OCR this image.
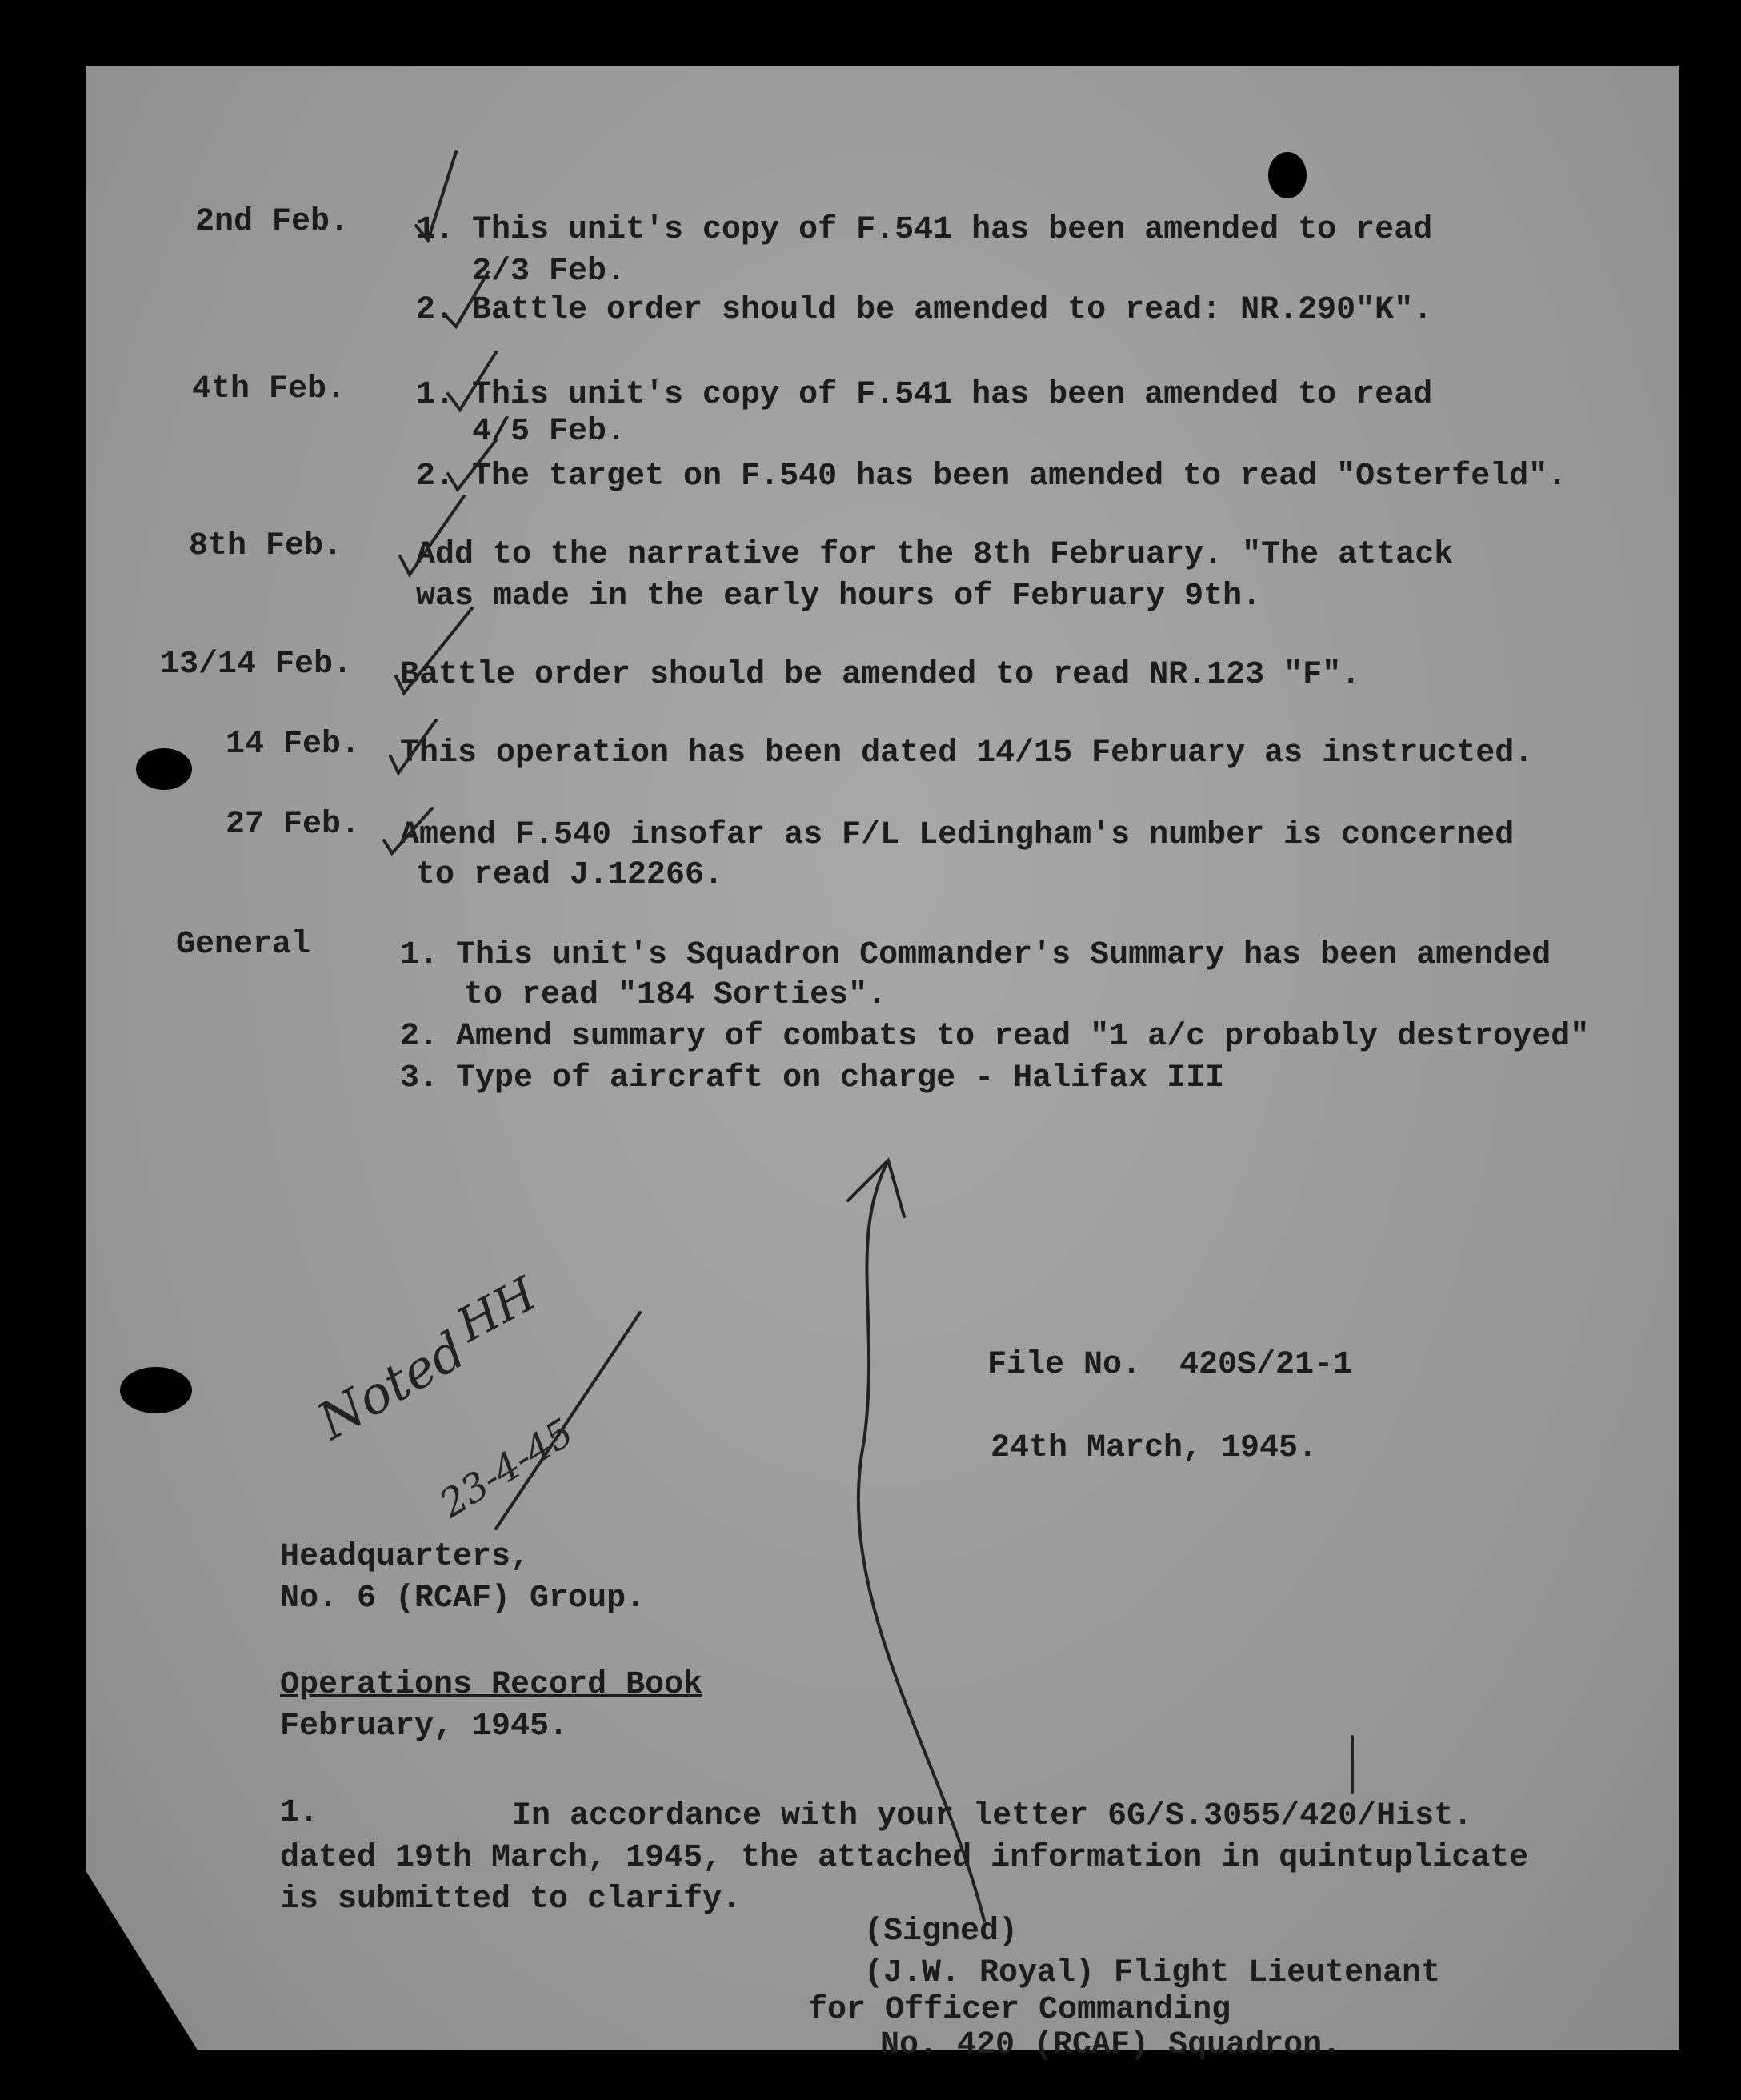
2nd Feb. 1. This unit's copy of F.541 has been amended to read
2/3 Feb.
2. Battle order should be amended to read: NR.290"K".
4th Feb. 1. This unit's copy of F.541 has been amended to read
4/5 Feb.
2. The target on F.540 has been amended to read "Osterfeld".
8th Feb. Add to the narrative for the 8th February. "The attack
was made in the early hours of February 9th.
13/14 Feb. Battle order should be amended to read NR.123 "F".
14 Feb. This operation has been dated 14/15 February as instructed.
27 Feb. Amend F.540 insofar as F/L Ledingham's number is concerned
to read J.12266.
General	1. This unit's Squadron Commander's Summary has been amended
to read "184 Sorties".
2. Amend summary of combats to read "1 a/c probably destroyed"
3. Type of aircraft on charge - Halifax III
File No.  420S/21-1
24th March, 1945.
Noted
HH
23-4-45
Headquarters,
No. 6 (RCAF) Group.
Operations Record Book
February, 1945.
1.	In accordance with your letter 6G/S.3055/420/Hist.
dated 19th March, 1945, the attached information in quintuplicate
is submitted to clarify.
(Signed)
(J.W. Royal) Flight Lieutenant
for Officer Commanding
No. 420 (RCAF) Squadron.
